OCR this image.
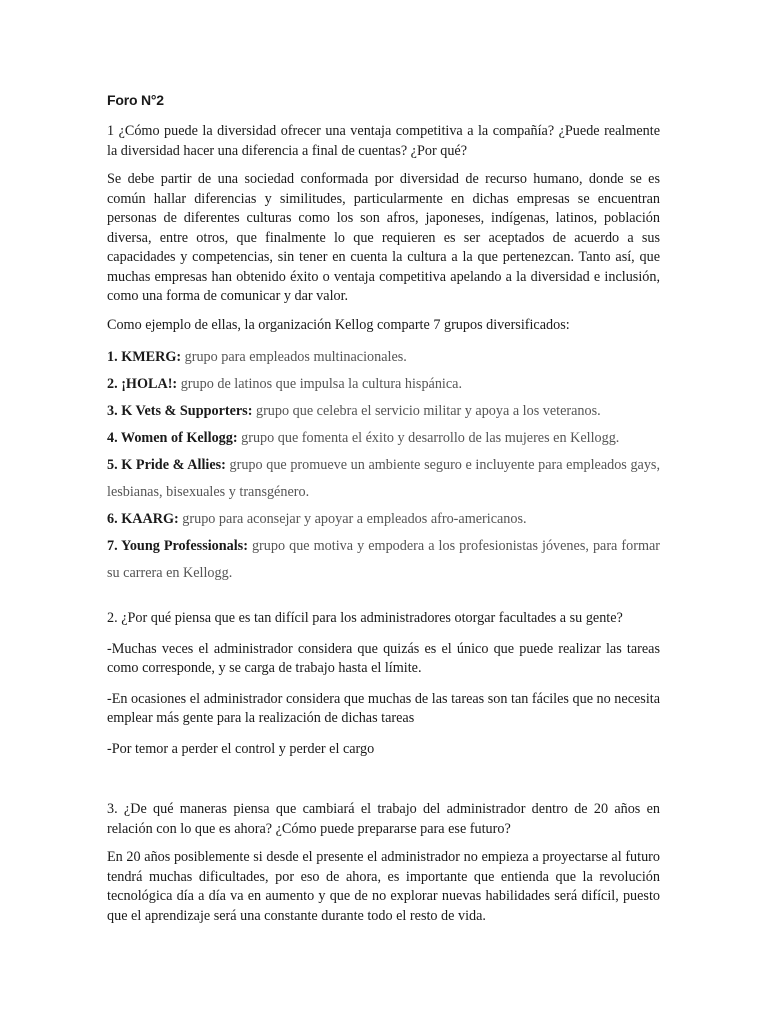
Foro N°2

1 ¿Cómo puede la diversidad ofrecer una ventaja competitiva a la compañía? ¿Puede realmente la diversidad hacer una diferencia a final de cuentas? ¿Por qué?

Se debe partir de una sociedad conformada por diversidad de recurso humano, donde se es común hallar diferencias y similitudes, particularmente en dichas empresas se encuentran personas de diferentes culturas como los son afros, japoneses, indígenas, latinos, población diversa, entre otros, que finalmente lo que requieren es ser aceptados de acuerdo a sus capacidades y competencias, sin tener en cuenta la cultura a la que pertenezcan. Tanto así, que muchas empresas han obtenido éxito o ventaja competitiva apelando a la diversidad e inclusión, como una forma de comunicar y dar valor.

Como ejemplo de ellas, la organización Kellog comparte 7 grupos diversificados:

1. KMERG: grupo para empleados multinacionales.
2. ¡HOLA!: grupo de latinos que impulsa la cultura hispánica.
3. K Vets & Supporters: grupo que celebra el servicio militar y apoya a los veteranos.
4. Women of Kellogg: grupo que fomenta el éxito y desarrollo de las mujeres en Kellogg.
5. K Pride & Allies: grupo que promueve un ambiente seguro e incluyente para empleados gays, lesbianas, bisexuales y transgénero.
6. KAARG: grupo para aconsejar y apoyar a empleados afro-americanos.
7. Young Professionals: grupo que motiva y empodera a los profesionistas jóvenes, para formar su carrera en Kellogg.

2. ¿Por qué piensa que es tan difícil para los administradores otorgar facultades a su gente?

-Muchas veces el administrador considera que quizás es el único que puede realizar las tareas como corresponde, y se carga de trabajo hasta el límite.

-En ocasiones el administrador considera que muchas de las tareas son tan fáciles que no necesita emplear más gente para la realización de dichas tareas

-Por temor a perder el control y perder el cargo

3. ¿De qué maneras piensa que cambiará el trabajo del administrador dentro de 20 años en relación con lo que es ahora? ¿Cómo puede prepararse para ese futuro?

En 20 años posiblemente si desde el presente el administrador no empieza a proyectarse al futuro tendrá muchas dificultades, por eso de ahora, es importante que entienda que la revolución tecnológica día a día va en aumento y que de no explorar nuevas habilidades será difícil, puesto que el aprendizaje será una constante durante todo el resto de vida.
